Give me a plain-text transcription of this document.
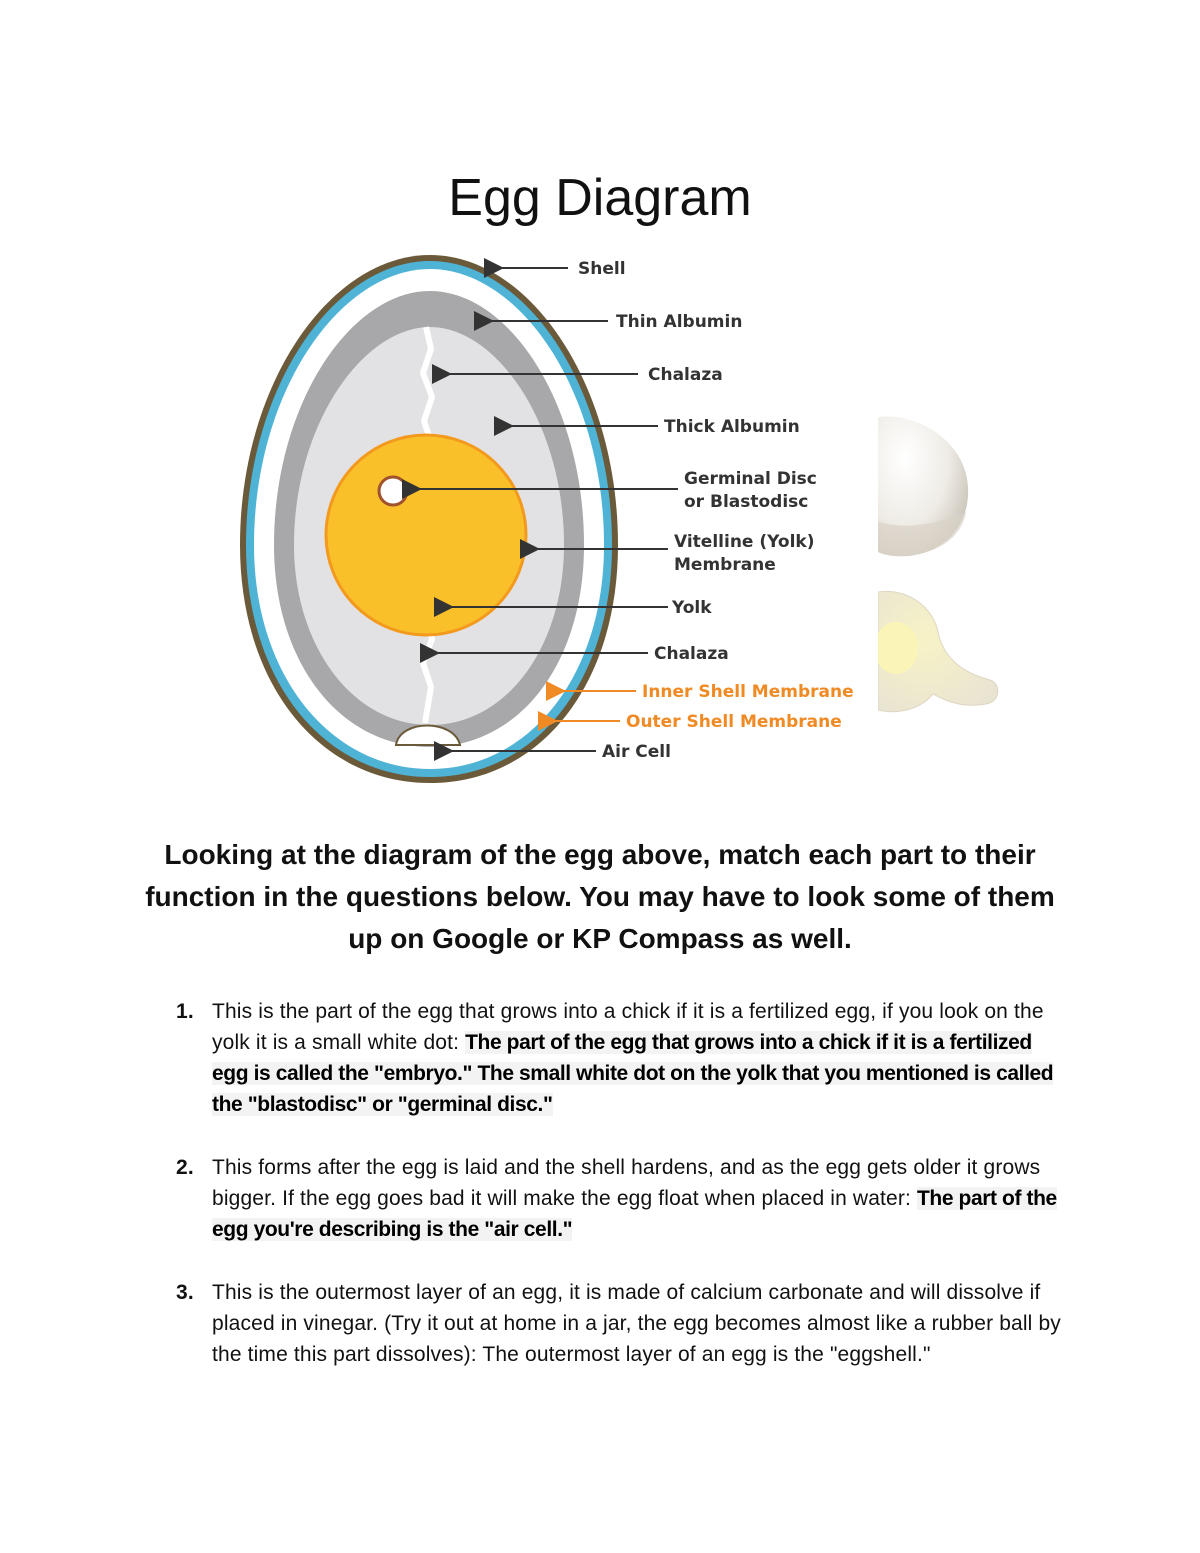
Egg Diagram
Shell
Thin Albumin
Chalaza
Thick Albumin
Germinal Disc
or Blastodisc
Vitelline (Yolk)
Membrane
Yolk
Chalaza
Inner Shell Membrane
Outer Shell Membrane
Air Cell

Looking at the diagram of the egg above, match each part to their function in the questions below. You may have to look some of them up on Google or KP Compass as well.

1. This is the part of the egg that grows into a chick if it is a fertilized egg, if you look on the yolk it is a small white dot: The part of the egg that grows into a chick if it is a fertilized egg is called the "embryo." The small white dot on the yolk that you mentioned is called the "blastodisc" or "germinal disc."
2. This forms after the egg is laid and the shell hardens, and as the egg gets older it grows bigger. If the egg goes bad it will make the egg float when placed in water: The part of the egg you're describing is the "air cell."
3. This is the outermost layer of an egg, it is made of calcium carbonate and will dissolve if placed in vinegar. (Try it out at home in a jar, the egg becomes almost like a rubber ball by the time this part dissolves): The outermost layer of an egg is the "eggshell."
